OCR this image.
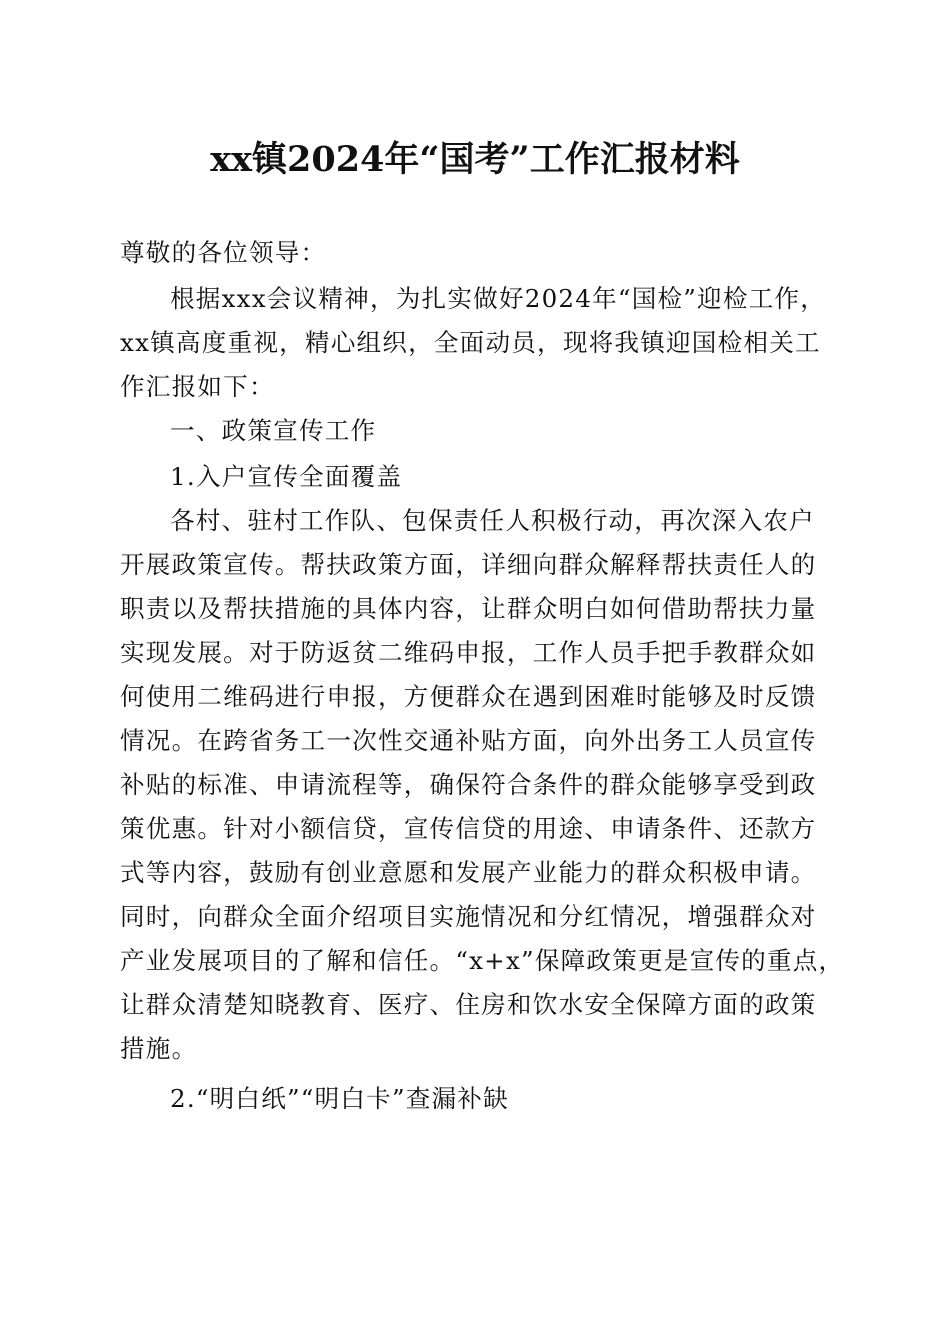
xx镇2024年“国考”工作汇报材料
尊敬的各位领导：
根据xxx会议精神，为扎实做好2024年“国检”迎检工作，
xx镇高度重视，精心组织，全面动员，现将我镇迎国检相关工
作汇报如下：
一、政策宣传工作
1.入户宣传全面覆盖
各村、驻村工作队、包保责任人积极行动，再次深入农户
开展政策宣传。帮扶政策方面，详细向群众解释帮扶责任人的
职责以及帮扶措施的具体内容，让群众明白如何借助帮扶力量
实现发展。对于防返贫二维码申报，工作人员手把手教群众如
何使用二维码进行申报，方便群众在遇到困难时能够及时反馈
情况。在跨省务工一次性交通补贴方面，向外出务工人员宣传
补贴的标准、申请流程等，确保符合条件的群众能够享受到政
策优惠。针对小额信贷，宣传信贷的用途、申请条件、还款方
式等内容，鼓励有创业意愿和发展产业能力的群众积极申请。
同时，向群众全面介绍项目实施情况和分红情况，增强群众对
产业发展项目的了解和信任。“x+x”保障政策更是宣传的重点，
让群众清楚知晓教育、医疗、住房和饮水安全保障方面的政策
措施。
2.“明白纸”“明白卡”查漏补缺
